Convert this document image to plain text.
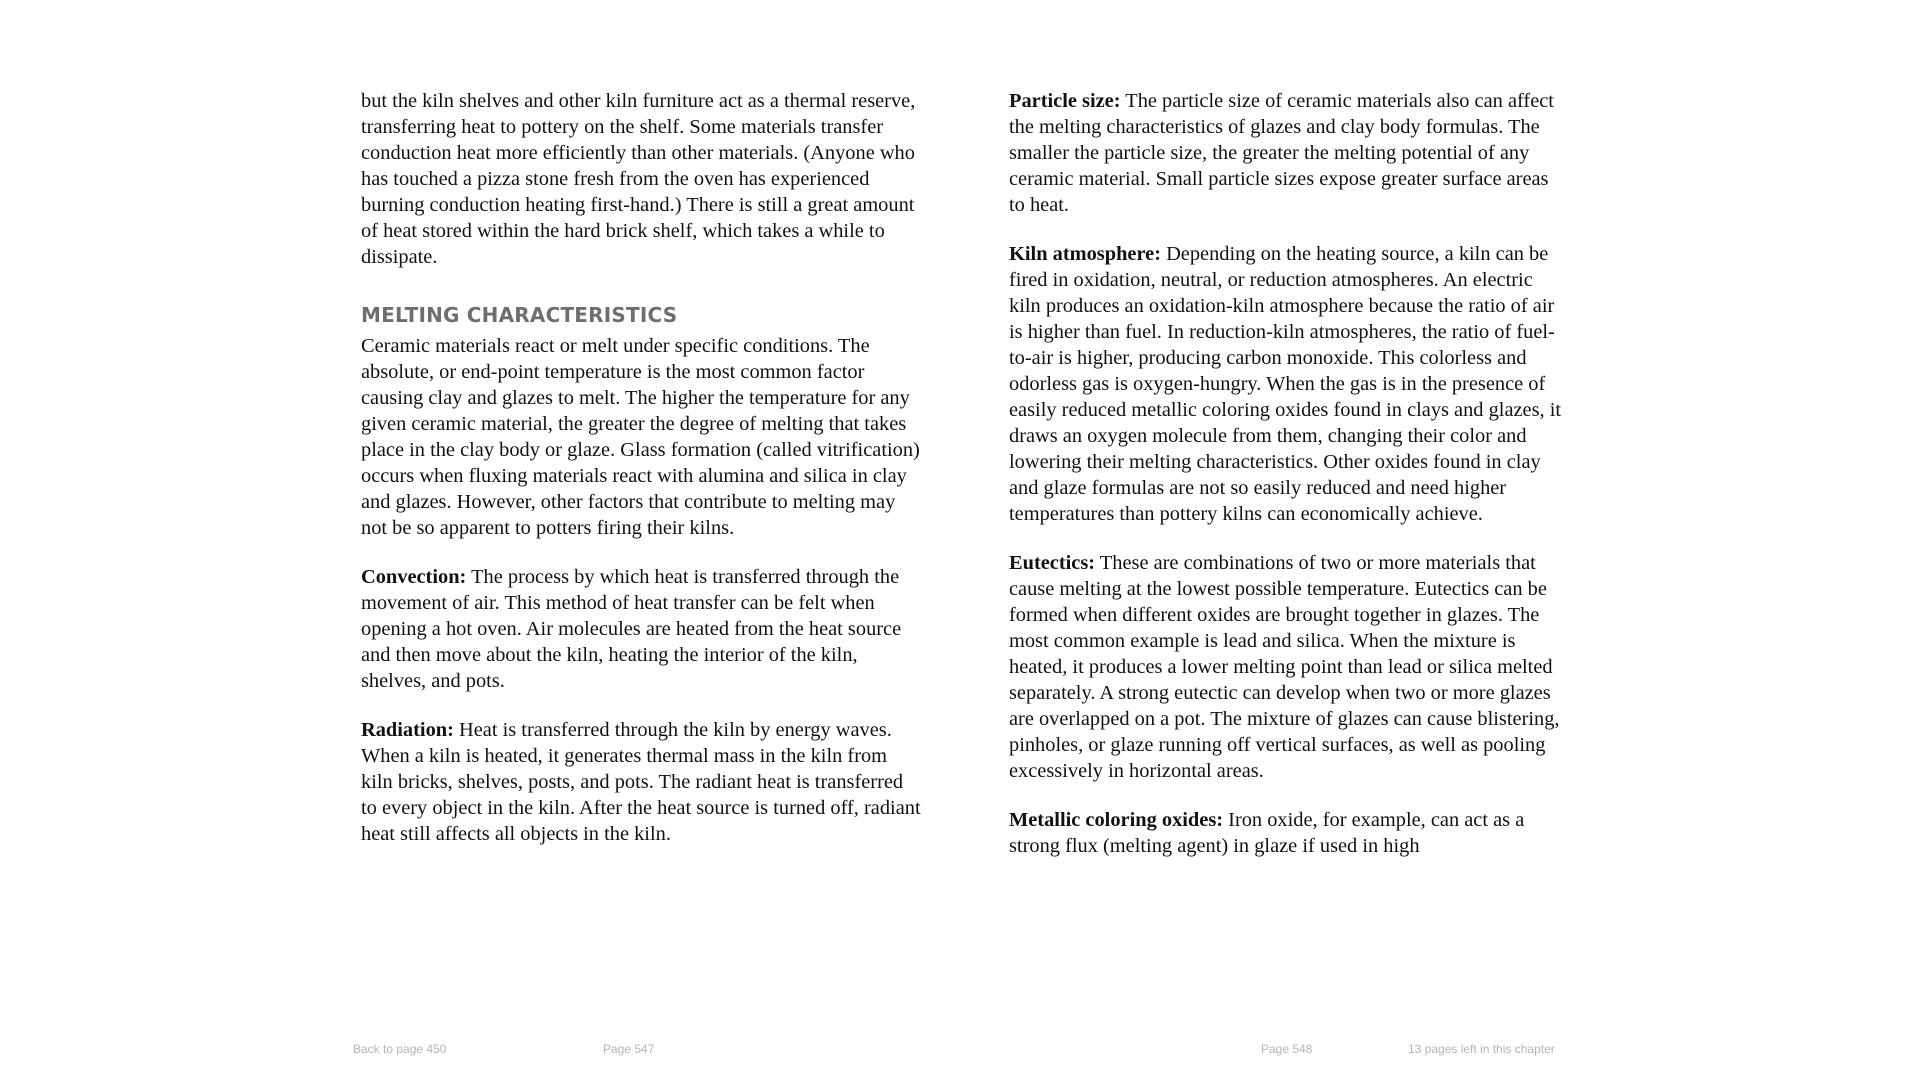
but the kiln shelves and other kiln furniture act as a thermal reserve, transferring heat to pottery on the shelf. Some materials transfer conduction heat more efficiently than other materials. (Anyone who has touched a pizza stone fresh from the oven has experienced burning conduction heating first-hand.) There is still a great amount of heat stored within the hard brick shelf, which takes a while to dissipate.

MELTING CHARACTERISTICS

Ceramic materials react or melt under specific conditions. The absolute, or end-point temperature is the most common factor causing clay and glazes to melt. The higher the temperature for any given ceramic material, the greater the degree of melting that takes place in the clay body or glaze. Glass formation (called vitrification) occurs when fluxing materials react with alumina and silica in clay and glazes. However, other factors that contribute to melting may not be so apparent to potters firing their kilns.

Convection: The process by which heat is transferred through the movement of air. This method of heat transfer can be felt when opening a hot oven. Air molecules are heated from the heat source and then move about the kiln, heating the interior of the kiln, shelves, and pots.

Radiation: Heat is transferred through the kiln by energy waves. When a kiln is heated, it generates thermal mass in the kiln from kiln bricks, shelves, posts, and pots. The radiant heat is transferred to every object in the kiln. After the heat source is turned off, radiant heat still affects all objects in the kiln.

Particle size: The particle size of ceramic materials also can affect the melting characteristics of glazes and clay body formulas. The smaller the particle size, the greater the melting potential of any ceramic material. Small particle sizes expose greater surface areas to heat.

Kiln atmosphere: Depending on the heating source, a kiln can be fired in oxidation, neutral, or reduction atmospheres. An electric kiln produces an oxidation-kiln atmosphere because the ratio of air is higher than fuel. In reduction-kiln atmospheres, the ratio of fuel-to-air is higher, producing carbon monoxide. This colorless and odorless gas is oxygen-hungry. When the gas is in the presence of easily reduced metallic coloring oxides found in clays and glazes, it draws an oxygen molecule from them, changing their color and lowering their melting characteristics. Other oxides found in clay and glaze formulas are not so easily reduced and need higher temperatures than pottery kilns can economically achieve.

Eutectics: These are combinations of two or more materials that cause melting at the lowest possible temperature. Eutectics can be formed when different oxides are brought together in glazes. The most common example is lead and silica. When the mixture is heated, it produces a lower melting point than lead or silica melted separately. A strong eutectic can develop when two or more glazes are overlapped on a pot. The mixture of glazes can cause blistering, pinholes, or glaze running off vertical surfaces, as well as pooling excessively in horizontal areas.

Metallic coloring oxides: Iron oxide, for example, can act as a strong flux (melting agent) in glaze if used in high

Back to page 450	Page 547	Page 548	13 pages left in this chapter
